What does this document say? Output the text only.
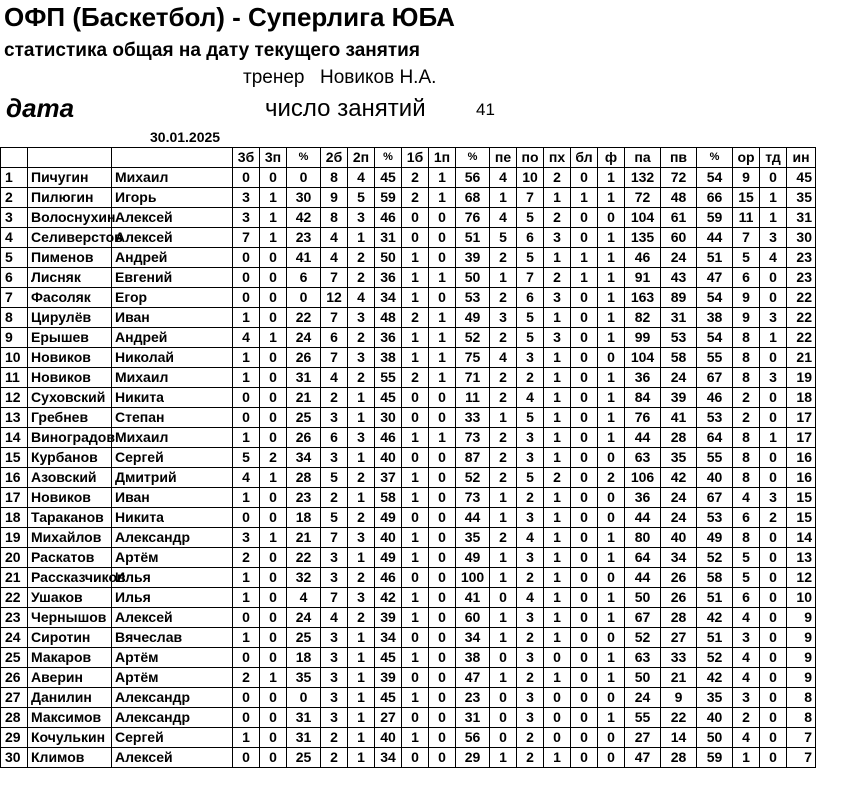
ОФП (Баскетбол) - Суперлига ЮБА
статистика общая на дату текущего занятия
тренер Новиков Н.А.
дата	число занятий	41
30.01.2025
			3б	3п	%	2б	2п	%	1б	1п	%	пе	по	пх	бл	ф	па	пв	%	ор	тд	ин
1	Пичугин	Михаил	0	0	0	8	4	45	2	1	56	4	10	2	0	1	132	72	54	9	0	45
2	Пилюгин	Игорь	3	1	30	9	5	59	2	1	68	1	7	1	1	1	72	48	66	15	1	35
3	Волоснухин	Алексей	3	1	42	8	3	46	0	0	76	4	5	2	0	0	104	61	59	11	1	31
4	Селиверстов	Алексей	7	1	23	4	1	31	0	0	51	5	6	3	0	1	135	60	44	7	3	30
5	Пименов	Андрей	0	0	41	4	2	50	1	0	39	2	5	1	1	1	46	24	51	5	4	23
6	Лисняк	Евгений	0	0	6	7	2	36	1	1	50	1	7	2	1	1	91	43	47	6	0	23
7	Фасоляк	Егор	0	0	0	12	4	34	1	0	53	2	6	3	0	1	163	89	54	9	0	22
8	Цирулёв	Иван	1	0	22	7	3	48	2	1	49	3	5	1	0	1	82	31	38	9	3	22
9	Ерышев	Андрей	4	1	24	6	2	36	1	1	52	2	5	3	0	1	99	53	54	8	1	22
10	Новиков	Николай	1	0	26	7	3	38	1	1	75	4	3	1	0	0	104	58	55	8	0	21
11	Новиков	Михаил	1	0	31	4	2	55	2	1	71	2	2	1	0	1	36	24	67	8	3	19
12	Суховский	Никита	0	0	21	2	1	45	0	0	11	2	4	1	0	1	84	39	46	2	0	18
13	Гребнев	Степан	0	0	25	3	1	30	0	0	33	1	5	1	0	1	76	41	53	2	0	17
14	Виноградов	Михаил	1	0	26	6	3	46	1	1	73	2	3	1	0	1	44	28	64	8	1	17
15	Курбанов	Сергей	5	2	34	3	1	40	0	0	87	2	3	1	0	0	63	35	55	8	0	16
16	Азовский	Дмитрий	4	1	28	5	2	37	1	0	52	2	5	2	0	2	106	42	40	8	0	16
17	Новиков	Иван	1	0	23	2	1	58	1	0	73	1	2	1	0	0	36	24	67	4	3	15
18	Тараканов	Никита	0	0	18	5	2	49	0	0	44	1	3	1	0	0	44	24	53	6	2	15
19	Михайлов	Александр	3	1	21	7	3	40	1	0	35	2	4	1	0	1	80	40	49	8	0	14
20	Раскатов	Артём	2	0	22	3	1	49	1	0	49	1	3	1	0	1	64	34	52	5	0	13
21	Рассказчиков	Илья	1	0	32	3	2	46	0	0	100	1	2	1	0	0	44	26	58	5	0	12
22	Ушаков	Илья	1	0	4	7	3	42	1	0	41	0	4	1	0	1	50	26	51	6	0	10
23	Чернышов	Алексей	0	0	24	4	2	39	1	0	60	1	3	1	0	1	67	28	42	4	0	9
24	Сиротин	Вячеслав	1	0	25	3	1	34	0	0	34	1	2	1	0	0	52	27	51	3	0	9
25	Макаров	Артём	0	0	18	3	1	45	1	0	38	0	3	0	0	1	63	33	52	4	0	9
26	Аверин	Артём	2	1	35	3	1	39	0	0	47	1	2	1	0	1	50	21	42	4	0	9
27	Данилин	Александр	0	0	0	3	1	45	1	0	23	0	3	0	0	0	24	9	35	3	0	8
28	Максимов	Александр	0	0	31	3	1	27	0	0	31	0	3	0	0	1	55	22	40	2	0	8
29	Кочулькин	Сергей	1	0	31	2	1	40	1	0	56	0	2	0	0	0	27	14	50	4	0	7
30	Климов	Алексей	0	0	25	2	1	34	0	0	29	1	2	1	0	0	47	28	59	1	0	7
